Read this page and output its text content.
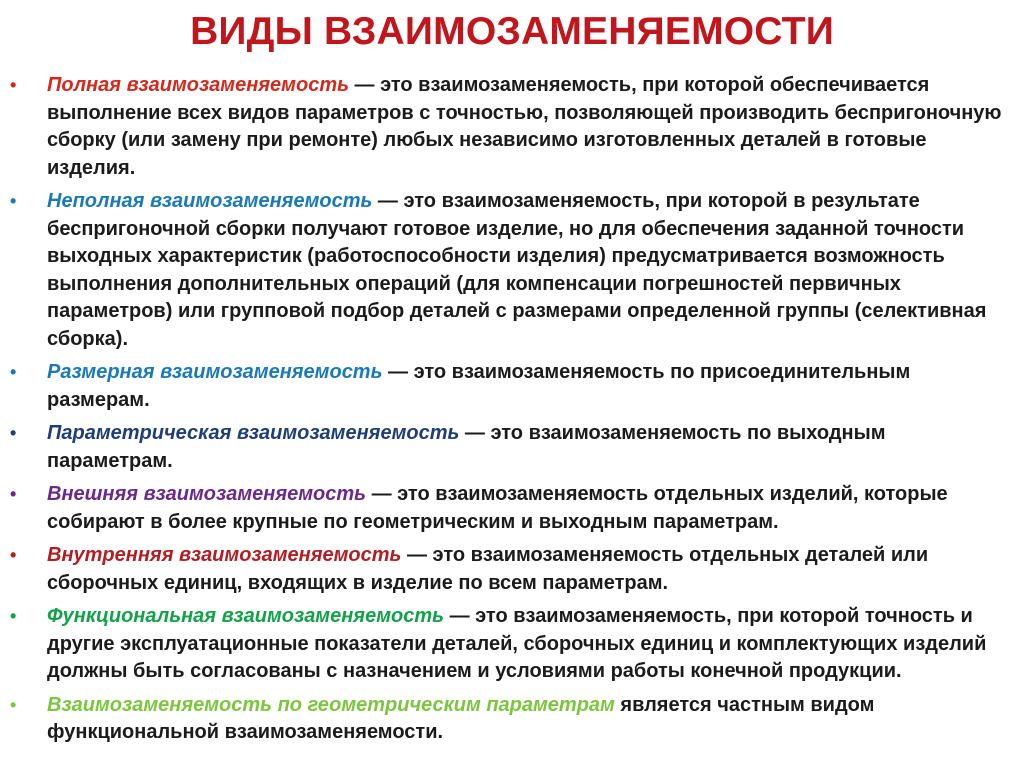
ВИДЫ ВЗАИМОЗАМЕНЯЕМОСТИ
• Полная взаимозаменяемость — это взаимозаменяемость, при которой обеспечивается выполнение всех видов параметров с точностью, позволяющей производить беспригоночную сборку (или замену при ремонте) любых независимо изготовленных деталей в готовые изделия.
• Неполная взаимозаменяемость — это взаимозаменяемость, при которой в результате беспригоночной сборки получают готовое изделие, но для обеспечения заданной точности выходных характеристик (работоспособности изделия) предусматривается возможность выполнения дополнительных операций (для компенсации погрешностей первичных параметров) или групповой подбор деталей с размерами определенной группы (селективная сборка).
• Размерная взаимозаменяемость — это взаимозаменяемость по присоединительным размерам.
• Параметрическая взаимозаменяемость — это взаимозаменяемость по выходным параметрам.
• Внешняя взаимозаменяемость — это взаимозаменяемость отдельных изделий, которые собирают в более крупные по геометрическим и выходным параметрам.
• Внутренняя взаимозаменяемость — это взаимозаменяемость отдельных деталей или сборочных единиц, входящих в изделие по всем параметрам.
• Функциональная взаимозаменяемость — это взаимозаменяемость, при которой точность и другие эксплуатационные показатели деталей, сборочных единиц и комплектующих изделий должны быть согласованы с назначением и условиями работы конечной продукции.
• Взаимозаменяемость по геометрическим параметрам является частным видом функциональной взаимозаменяемости.
